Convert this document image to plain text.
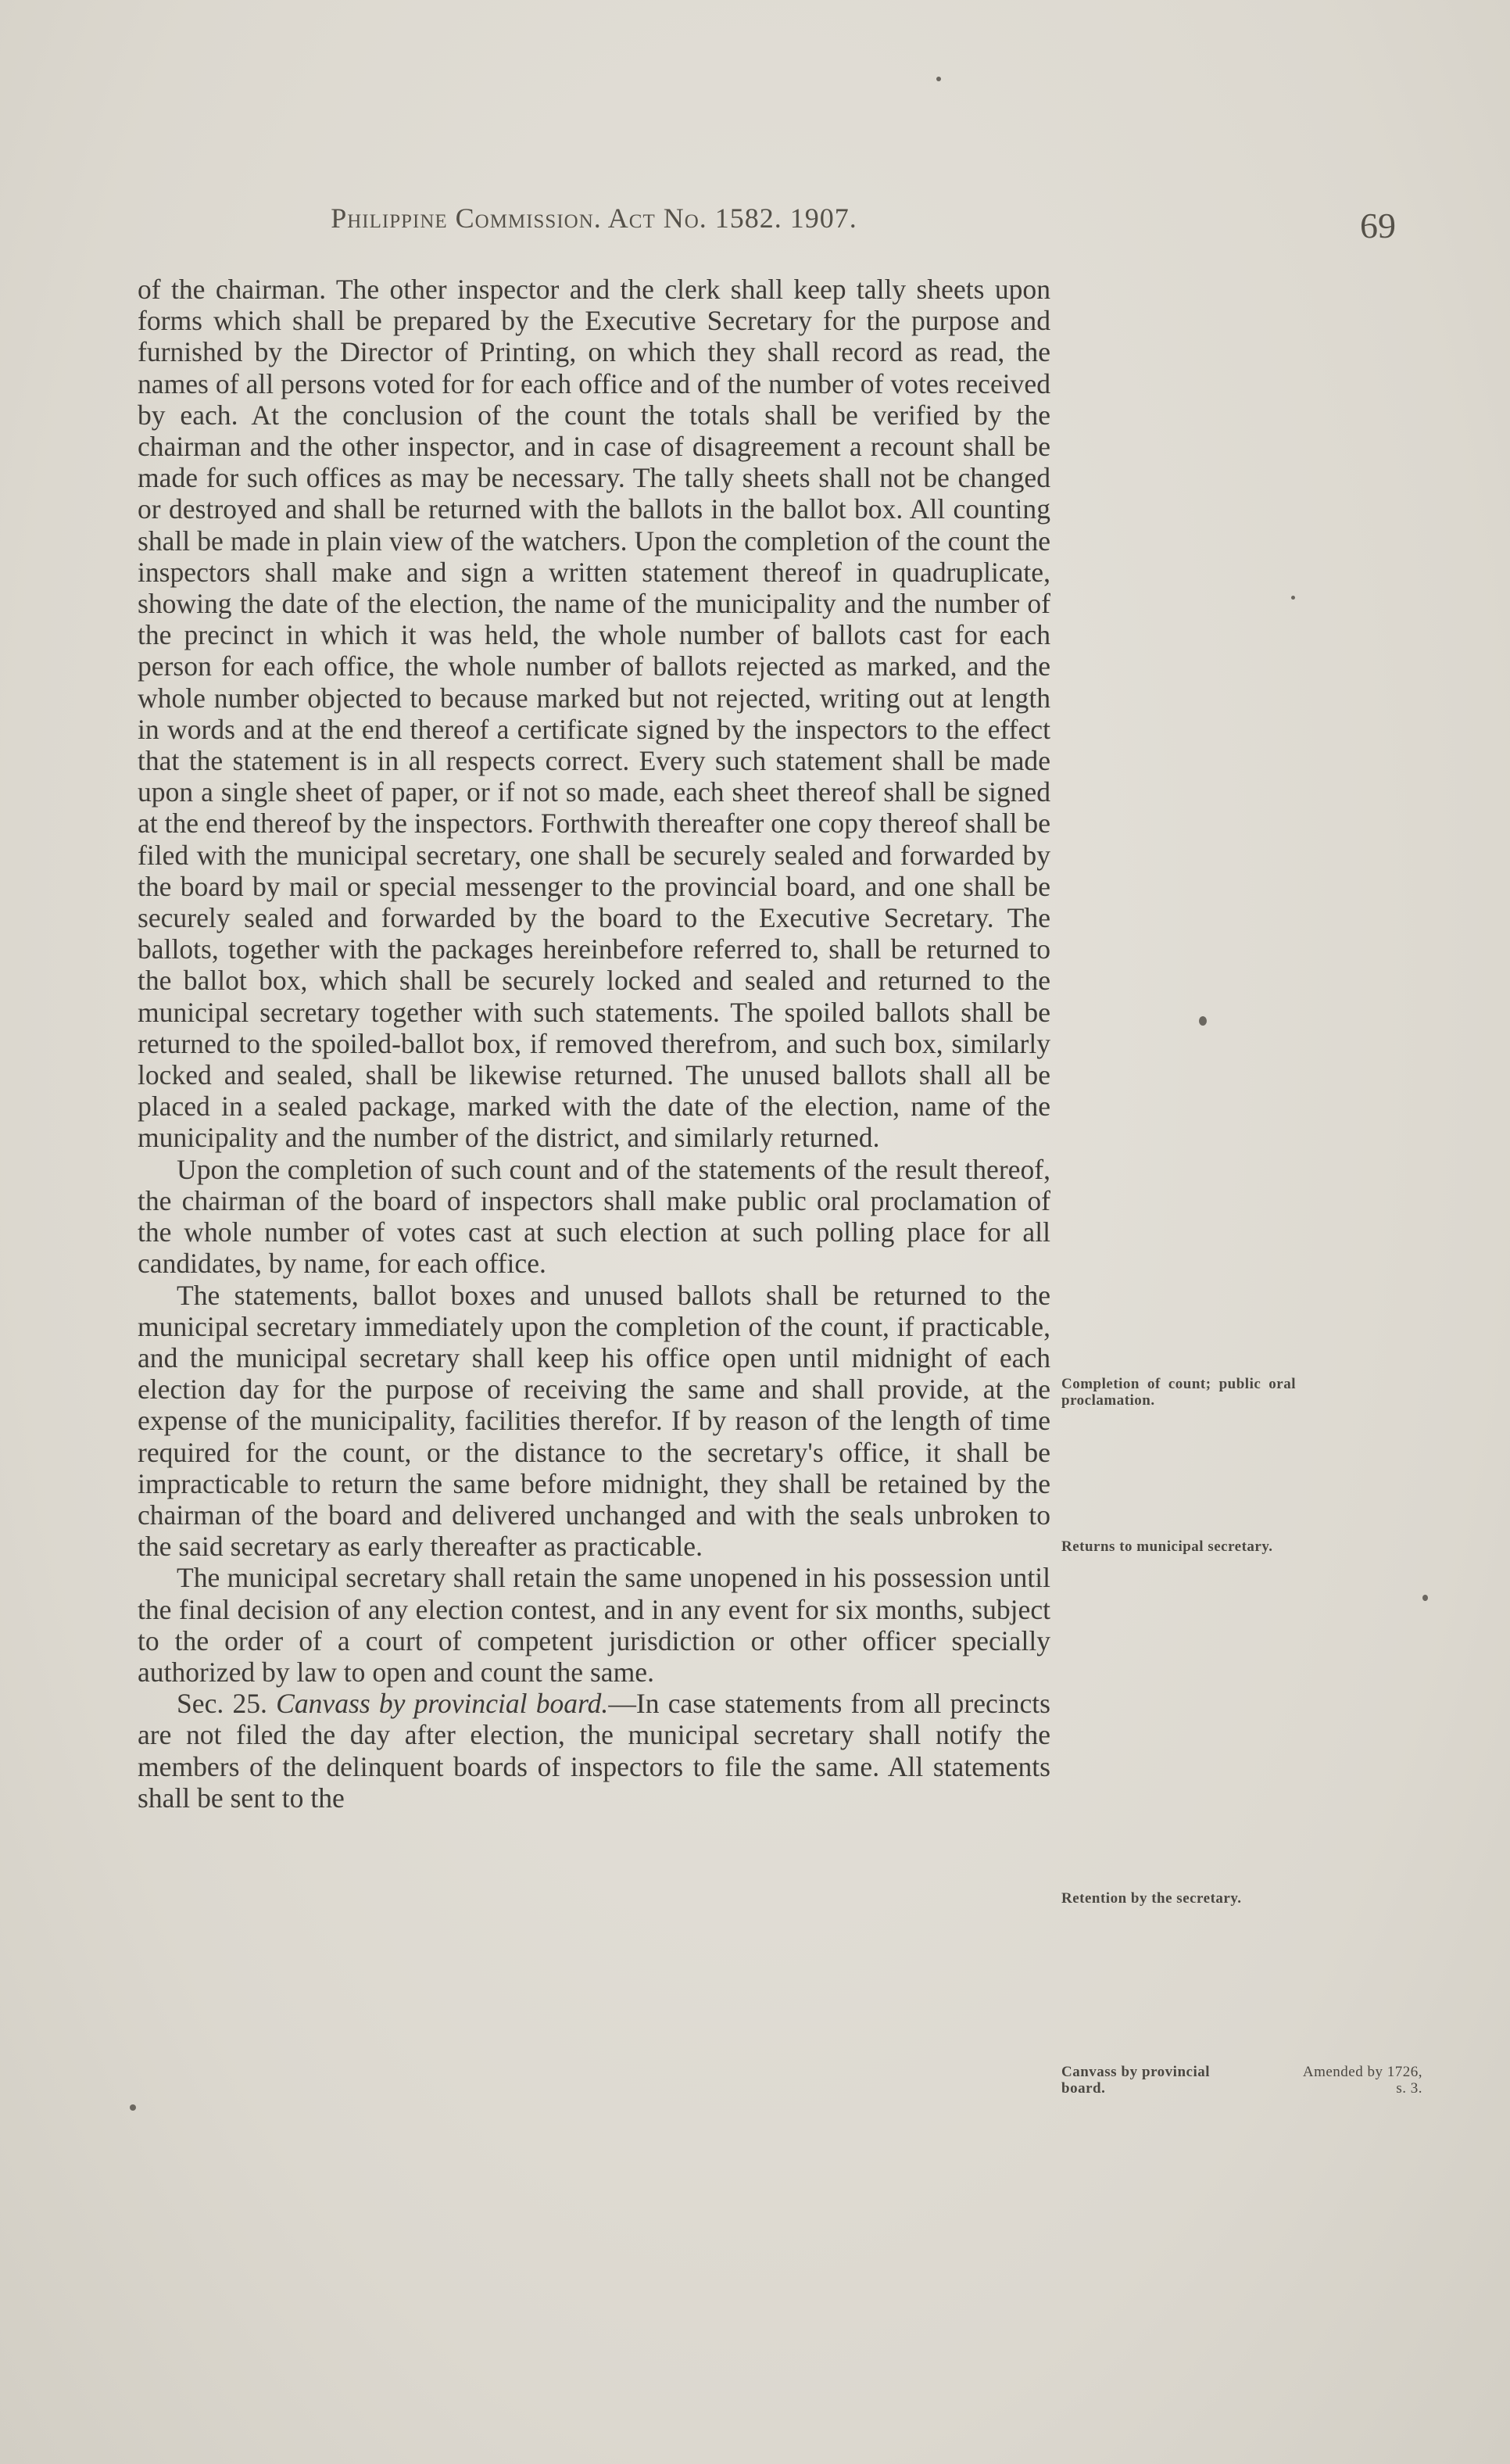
Philippine Commission. Act No. 1582. 1907.	69

of the chairman. The other inspector and the clerk shall keep tally sheets upon forms which shall be prepared by the Executive Secretary for the purpose and furnished by the Director of Printing, on which they shall record as read, the names of all persons voted for for each office and of the number of votes received by each. At the conclusion of the count the totals shall be verified by the chairman and the other inspector, and in case of disagreement a recount shall be made for such offices as may be necessary. The tally sheets shall not be changed or destroyed and shall be returned with the ballots in the ballot box. All counting shall be made in plain view of the watchers. Upon the completion of the count the inspectors shall make and sign a written statement thereof in quadruplicate, showing the date of the election, the name of the municipality and the number of the precinct in which it was held, the whole number of ballots cast for each person for each office, the whole number of ballots rejected as marked, and the whole number objected to because marked but not rejected, writing out at length in words and at the end thereof a certificate signed by the inspectors to the effect that the statement is in all respects correct. Every such statement shall be made upon a single sheet of paper, or if not so made, each sheet thereof shall be signed at the end thereof by the inspectors. Forthwith thereafter one copy thereof shall be filed with the municipal secretary, one shall be securely sealed and forwarded by the board by mail or special messenger to the provincial board, and one shall be securely sealed and forwarded by the board to the Executive Secretary. The ballots, together with the packages hereinbefore referred to, shall be returned to the ballot box, which shall be securely locked and sealed and returned to the municipal secretary together with such statements. The spoiled ballots shall be returned to the spoiled-ballot box, if removed therefrom, and such box, similarly locked and sealed, shall be likewise returned. The unused ballots shall all be placed in a sealed package, marked with the date of the election, name of the municipality and the number of the district, and similarly returned.

Upon the completion of such count and of the statements of the result thereof, the chairman of the board of inspectors shall make public oral proclamation of the whole number of votes cast at such election at such polling place for all candidates, by name, for each office.

The statements, ballot boxes and unused ballots shall be returned to the municipal secretary immediately upon the completion of the count, if practicable, and the municipal secretary shall keep his office open until midnight of each election day for the purpose of receiving the same and shall provide, at the expense of the municipality, facilities therefor. If by reason of the length of time required for the count, or the distance to the secretary's office, it shall be impracticable to return the same before midnight, they shall be retained by the chairman of the board and delivered unchanged and with the seals unbroken to the said secretary as early thereafter as practicable.

The municipal secretary shall retain the same unopened in his possession until the final decision of any election contest, and in any event for six months, subject to the order of a court of competent jurisdiction or other officer specially authorized by law to open and count the same.

Sec. 25. Canvass by provincial board.—In case statements from all precincts are not filed the day after election, the municipal secretary shall notify the members of the delinquent boards of inspectors to file the same. All statements shall be sent to the

Completion of count; public oral proclamation.
Returns to municipal secretary.
Retention by the secretary.
Canvass by provincial board.
Amended by 1726, s. 3.
